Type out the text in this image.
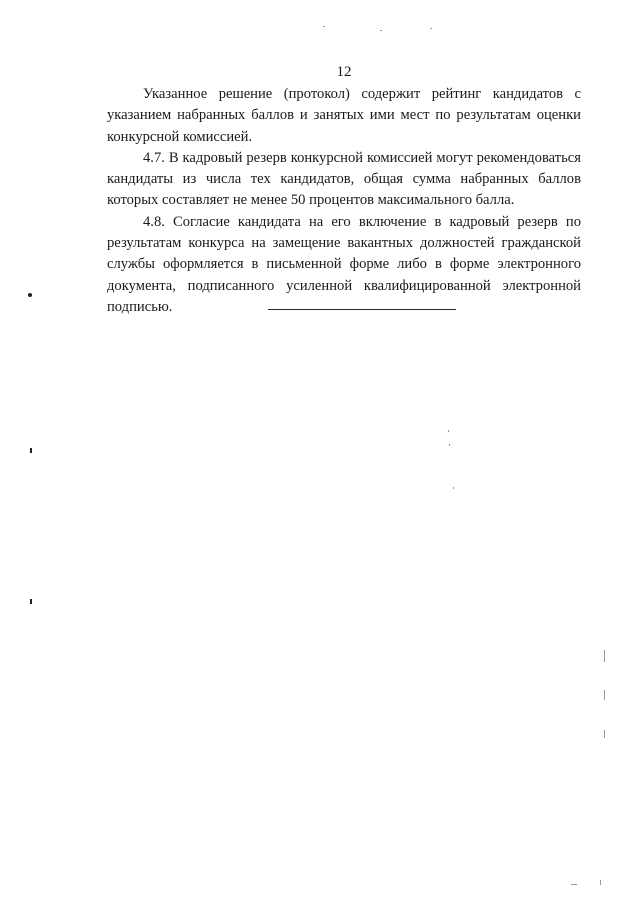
12

Указанное решение (протокол) содержит рейтинг кандидатов с указанием набранных баллов и занятых ими мест по результатам оценки конкурсной комиссией.

4.7. В кадровый резерв конкурсной комиссией могут рекомендоваться кандидаты из числа тех кандидатов, общая сумма набранных баллов которых составляет не менее 50 процентов максимального балла.

4.8. Согласие кандидата на его включение в кадровый резерв по результатам конкурса на замещение вакантных должностей гражданской службы оформляется в письменной форме либо в форме электронного документа, подписанного усиленной квалифицированной электронной подписью.
